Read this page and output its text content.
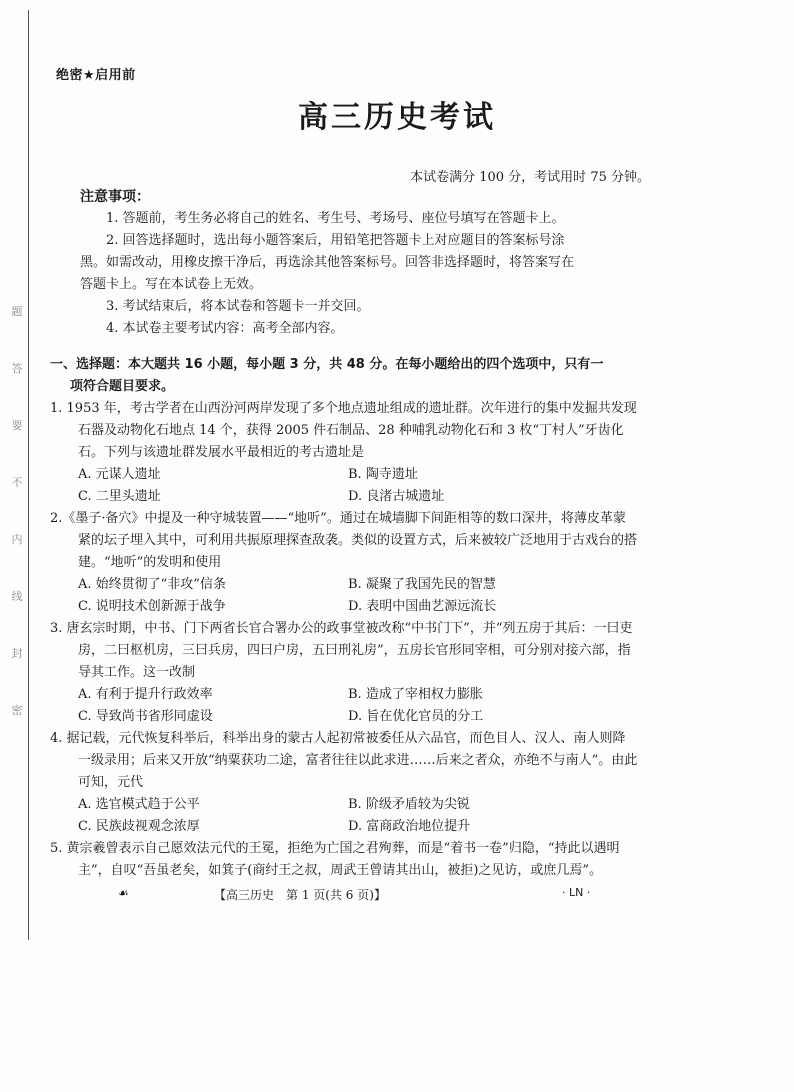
题
答
要
不
内
线
封
密
绝密★启用前
高三历史考试
本试卷满分 100 分，考试用时 75 分钟。
注意事项：
1. 答题前，考生务必将自己的姓名、考生号、考场号、座位号填写在答题卡上。
2. 回答选择题时，选出每小题答案后，用铅笔把答题卡上对应题目的答案标号涂黑。如需改动，用橡皮擦干净后，再选涂其他答案标号。回答非选择题时，将答案写在答题卡上。写在本试卷上无效。
3. 考试结束后，将本试卷和答题卡一并交回。
4. 本试卷主要考试内容：高考全部内容。
一、选择题：本大题共 16 小题，每小题 3 分，共 48 分。在每小题给出的四个选项中，只有一项符合题目要求。
1. 1953 年，考古学者在山西汾河两岸发现了多个地点遗址组成的遗址群。次年进行的集中发掘共发现石器及动物化石地点 14 个，获得 2005 件石制品、28 种哺乳动物化石和 3 枚“丁村人”牙齿化石。下列与该遗址群发展水平最相近的考古遗址是
A. 元谋人遗址	B. 陶寺遗址
C. 二里头遗址	D. 良渚古城遗址
2.《墨子·备穴》中提及一种守城装置——“地听”。通过在城墙脚下间距相等的数口深井，将薄皮革蒙紧的坛子埋入其中，可利用共振原理探查敌袭。类似的设置方式，后来被较广泛地用于古戏台的搭建。“地听”的发明和使用
A. 始终贯彻了“非攻”信条	B. 凝聚了我国先民的智慧
C. 说明技术创新源于战争	D. 表明中国曲艺源远流长
3. 唐玄宗时期，中书、门下两省长官合署办公的政事堂被改称“中书门下”，并“列五房于其后：一曰吏房，二曰枢机房，三曰兵房，四曰户房，五曰刑礼房”，五房长官形同宰相，可分别对接六部，指导其工作。这一改制
A. 有利于提升行政效率	B. 造成了宰相权力膨胀
C. 导致尚书省形同虚设	D. 旨在优化官员的分工
4. 据记载，元代恢复科举后，科举出身的蒙古人起初常被委任从六品官，而色目人、汉人、南人则降一级录用；后来又开放“纳粟获功二途，富者往往以此求进……后来之者众，亦绝不与南人”。由此可知，元代
A. 选官模式趋于公平	B. 阶级矛盾较为尖锐
C. 民族歧视观念浓厚	D. 富商政治地位提升
5. 黄宗羲曾表示自己愿效法元代的王冕，拒绝为亡国之君殉葬，而是“着书一卷”归隐，“持此以遇明主”，自叹“吾虽老矣，如箕子(商纣王之叔，周武王曾请其出山，被拒)之见访，或庶几焉”。
☙	【高三历史　第 1 页(共 6 页)】	· LN ·
